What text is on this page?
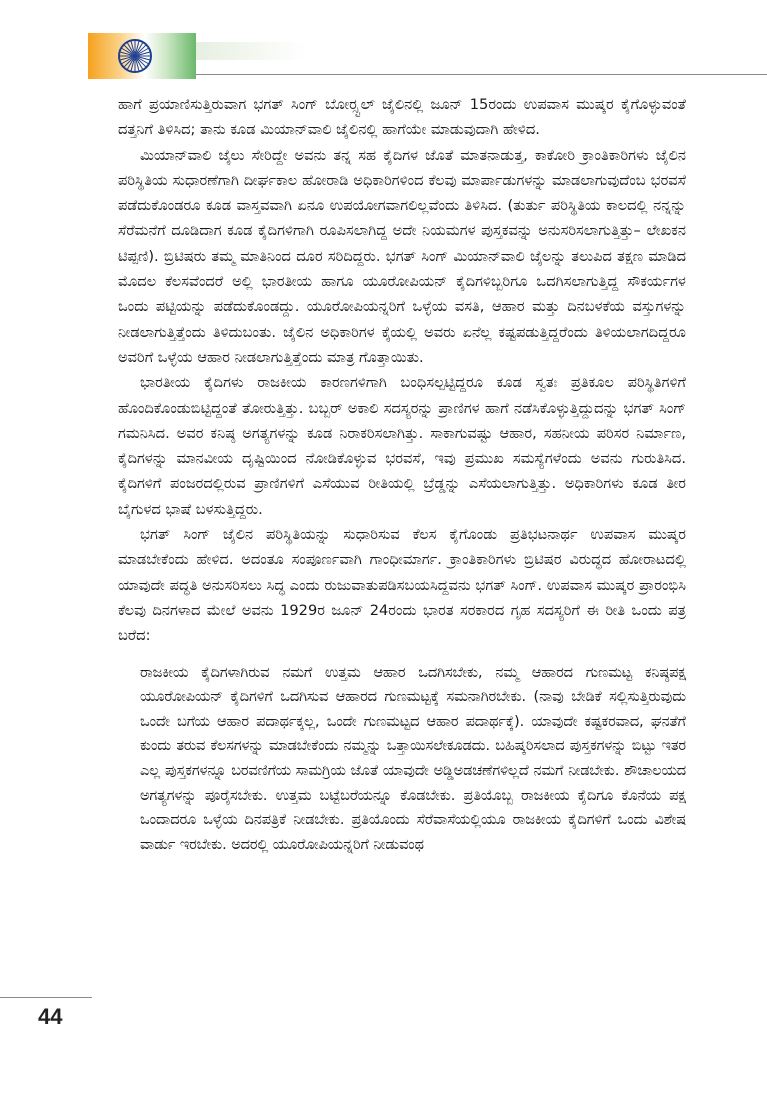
ಹಾಗೆ ಪ್ರಯಾಣಿಸುತ್ತಿರುವಾಗ ಭಗತ್ ಸಿಂಗ್ ಬೋರ್‍ಸ್ಟಲ್ ಜೈಲಿನಲ್ಲಿ ಜೂನ್ 15ರಂದು ಉಪವಾಸ ಮುಷ್ಕರ ಕೈಗೊಳ್ಳುವಂತೆ ದತ್ತನಿಗೆ ತಿಳಿಸಿದ; ತಾನು ಕೂಡ ಮಿಯಾನ್‌ವಾಲಿ ಜೈಲಿನಲ್ಲಿ ಹಾಗೆಯೇ ಮಾಡುವುದಾಗಿ ಹೇಳಿದ.

ಮಿಯಾನ್‌ವಾಲಿ ಜೈಲು ಸೇರಿದ್ದೇ ಅವನು ತನ್ನ ಸಹ ಕೈದಿಗಳ ಜೊತೆ ಮಾತನಾಡುತ್ತ, ಕಾಕೋರಿ ಕ್ರಾಂತಿಕಾರಿಗಳು ಜೈಲಿನ ಪರಿಸ್ಥಿತಿಯ ಸುಧಾರಣೆಗಾಗಿ ದೀರ್ಘಕಾಲ ಹೋರಾಡಿ ಅಧಿಕಾರಿಗಳಿಂದ ಕೆಲವು ಮಾರ್ಪಾಡುಗಳನ್ನು ಮಾಡಲಾಗುವುದೆಂಬ ಭರವಸೆ ಪಡೆದುಕೊಂಡರೂ ಕೂಡ ವಾಸ್ತವವಾಗಿ ಏನೂ ಉಪಯೋಗವಾಗಲಿಲ್ಲವೆಂದು ತಿಳಿಸಿದ. (ತುರ್ತು ಪರಿಸ್ಥಿತಿಯ ಕಾಲದಲ್ಲಿ ನನ್ನನ್ನು ಸೆರೆಮನೆಗೆ ದೂಡಿದಾಗ ಕೂಡ ಕೈದಿಗಳಿಗಾಗಿ ರೂಪಿಸಲಾಗಿದ್ದ ಅದೇ ನಿಯಮಗಳ ಪುಸ್ತಕವನ್ನು ಅನುಸರಿಸಲಾಗುತ್ತಿತ್ತು– ಲೇಖಕನ ಟಿಪ್ಪಣಿ). ಬ್ರಿಟಿಷರು ತಮ್ಮ ಮಾತಿನಿಂದ ದೂರ ಸರಿದಿದ್ದರು. ಭಗತ್ ಸಿಂಗ್ ಮಿಯಾನ್‌ವಾಲಿ ಜೈಲನ್ನು ತಲುಪಿದ ತಕ್ಷಣ ಮಾಡಿದ ಮೊದಲ ಕೆಲಸವೆಂದರೆ ಅಲ್ಲಿ ಭಾರತೀಯ ಹಾಗೂ ಯೂರೋಪಿಯನ್ ಕೈದಿಗಳಿಬ್ಬರಿಗೂ ಒದಗಿಸಲಾಗುತ್ತಿದ್ದ ಸೌಕರ್ಯಗಳ ಒಂದು ಪಟ್ಟಿಯನ್ನು ಪಡೆದುಕೊಂಡದ್ದು. ಯೂರೋಪಿಯನ್ನರಿಗೆ ಒಳ್ಳೆಯ ವಸತಿ, ಆಹಾರ ಮತ್ತು ದಿನಬಳಕೆಯ ವಸ್ತುಗಳನ್ನು ನೀಡಲಾಗುತ್ತಿತ್ತೆಂದು ತಿಳಿದುಬಂತು. ಜೈಲಿನ ಅಧಿಕಾರಿಗಳ ಕೈಯಲ್ಲಿ ಅವರು ಏನೆಲ್ಲ ಕಷ್ಟಪಡುತ್ತಿದ್ದರೆಂದು ತಿಳಿಯಲಾಗದಿದ್ದರೂ ಅವರಿಗೆ ಒಳ್ಳೆಯ ಆಹಾರ ನೀಡಲಾಗುತ್ತಿತ್ತೆಂದು ಮಾತ್ರ ಗೊತ್ತಾಯಿತು.

ಭಾರತೀಯ ಕೈದಿಗಳು ರಾಜಕೀಯ ಕಾರಣಗಳಿಗಾಗಿ ಬಂಧಿಸಲ್ಪಟ್ಟಿದ್ದರೂ ಕೂಡ ಸ್ವತಃ ಪ್ರತಿಕೂಲ ಪರಿಸ್ಥಿತಿಗಳಿಗೆ ಹೊಂದಿಕೊಂಡುಬಿಟ್ಟಿದ್ದಂತೆ ತೋರುತ್ತಿತ್ತು. ಬಬ್ಬರ್ ಅಕಾಲಿ ಸದಸ್ಯರನ್ನು ಪ್ರಾಣಿಗಳ ಹಾಗೆ ನಡೆಸಿಕೊಳ್ಳುತ್ತಿದ್ದುದನ್ನು ಭಗತ್ ಸಿಂಗ್ ಗಮನಿಸಿದ. ಅವರ ಕನಿಷ್ಠ ಅಗತ್ಯಗಳನ್ನು ಕೂಡ ನಿರಾಕರಿಸಲಾಗಿತ್ತು. ಸಾಕಾಗುವಷ್ಟು ಆಹಾರ, ಸಹನೀಯ ಪರಿಸರ ನಿರ್ಮಾಣ, ಕೈದಿಗಳನ್ನು ಮಾನವೀಯ ದೃಷ್ಟಿಯಿಂದ ನೋಡಿಕೊಳ್ಳುವ ಭರವಸೆ, ಇವು ಪ್ರಮುಖ ಸಮಸ್ಯೆಗಳೆಂದು ಅವನು ಗುರುತಿಸಿದ. ಕೈದಿಗಳಿಗೆ ಪಂಜರದಲ್ಲಿರುವ ಪ್ರಾಣಿಗಳಿಗೆ ಎಸೆಯುವ ರೀತಿಯಲ್ಲಿ ಬ್ರೆಡ್ಡನ್ನು ಎಸೆಯಲಾಗುತ್ತಿತ್ತು. ಅಧಿಕಾರಿಗಳು ಕೂಡ ತೀರ ಬೈಗುಳದ ಭಾಷೆ ಬಳಸುತ್ತಿದ್ದರು.

ಭಗತ್ ಸಿಂಗ್ ಜೈಲಿನ ಪರಿಸ್ಥಿತಿಯನ್ನು ಸುಧಾರಿಸುವ ಕೆಲಸ ಕೈಗೊಂಡು ಪ್ರತಿಭಟನಾರ್ಥ ಉಪವಾಸ ಮುಷ್ಕರ ಮಾಡಬೇಕೆಂದು ಹೇಳಿದ. ಅದಂತೂ ಸಂಪೂರ್ಣವಾಗಿ ಗಾಂಧೀಮಾರ್ಗ. ಕ್ರಾಂತಿಕಾರಿಗಳು ಬ್ರಿಟಿಷರ ವಿರುದ್ಧದ ಹೋರಾಟದಲ್ಲಿ ಯಾವುದೇ ಪದ್ಧತಿ ಅನುಸರಿಸಲು ಸಿದ್ಧ ಎಂದು ರುಜುವಾತುಪಡಿಸಬಯಸಿದ್ದವನು ಭಗತ್ ಸಿಂಗ್. ಉಪವಾಸ ಮುಷ್ಕರ ಪ್ರಾರಂಭಿಸಿ ಕೆಲವು ದಿನಗಳಾದ ಮೇಲೆ ಅವನು 1929ರ ಜೂನ್ 24ರಂದು ಭಾರತ ಸರಕಾರದ ಗೃಹ ಸದಸ್ಯರಿಗೆ ಈ ರೀತಿ ಒಂದು ಪತ್ರ ಬರೆದ:

ರಾಜಕೀಯ ಕೈದಿಗಳಾಗಿರುವ ನಮಗೆ ಉತ್ತಮ ಆಹಾರ ಒದಗಿಸಬೇಕು, ನಮ್ಮ ಆಹಾರದ ಗುಣಮಟ್ಟ ಕನಿಷ್ಠಪಕ್ಷ ಯೂರೋಪಿಯನ್ ಕೈದಿಗಳಿಗೆ ಒದಗಿಸುವ ಆಹಾರದ ಗುಣಮಟ್ಟಕ್ಕೆ ಸಮನಾಗಿರಬೇಕು. (ನಾವು ಬೇಡಿಕೆ ಸಲ್ಲಿಸುತ್ತಿರುವುದು ಒಂದೇ ಬಗೆಯ ಆಹಾರ ಪದಾರ್ಥಕ್ಕಲ್ಲ, ಒಂದೇ ಗುಣಮಟ್ಟದ ಆಹಾರ ಪದಾರ್ಥಕ್ಕೆ). ಯಾವುದೇ ಕಷ್ಟಕರವಾದ, ಘನತೆಗೆ ಕುಂದು ತರುವ ಕೆಲಸಗಳನ್ನು ಮಾಡಬೇಕೆಂದು ನಮ್ಮನ್ನು ಒತ್ತಾಯಿಸಲೇಕೂಡದು. ಬಹಿಷ್ಕರಿಸಲಾದ ಪುಸ್ತಕಗಳನ್ನು ಬಿಟ್ಟು ಇತರ ಎಲ್ಲ ಪುಸ್ತಕಗಳನ್ನೂ ಬರವಣಿಗೆಯ ಸಾಮಗ್ರಿಯ ಜೊತೆ ಯಾವುದೇ ಅಡ್ಡಿಅಡಚಣೆಗಳಿಲ್ಲದೆ ನಮಗೆ ನೀಡಬೇಕು. ಶೌಚಾಲಯದ ಅಗತ್ಯಗಳನ್ನು ಪೂರೈಸಬೇಕು. ಉತ್ತಮ ಬಟ್ಟೆಬರೆಯನ್ನೂ ಕೊಡಬೇಕು. ಪ್ರತಿಯೊಬ್ಬ ರಾಜಕೀಯ ಕೈದಿಗೂ ಕೊನೆಯ ಪಕ್ಷ ಒಂದಾದರೂ ಒಳ್ಳೆಯ ದಿನಪತ್ರಿಕೆ ನೀಡಬೇಕು. ಪ್ರತಿಯೊಂದು ಸೆರೆವಾಸೆಯಲ್ಲಿಯೂ ರಾಜಕೀಯ ಕೈದಿಗಳಿಗೆ ಒಂದು ವಿಶೇಷ ವಾರ್ಡು ಇರಬೇಕು. ಅದರಲ್ಲಿ ಯೂರೋಪಿಯನ್ನರಿಗೆ ನೀಡುವಂಥ

44
